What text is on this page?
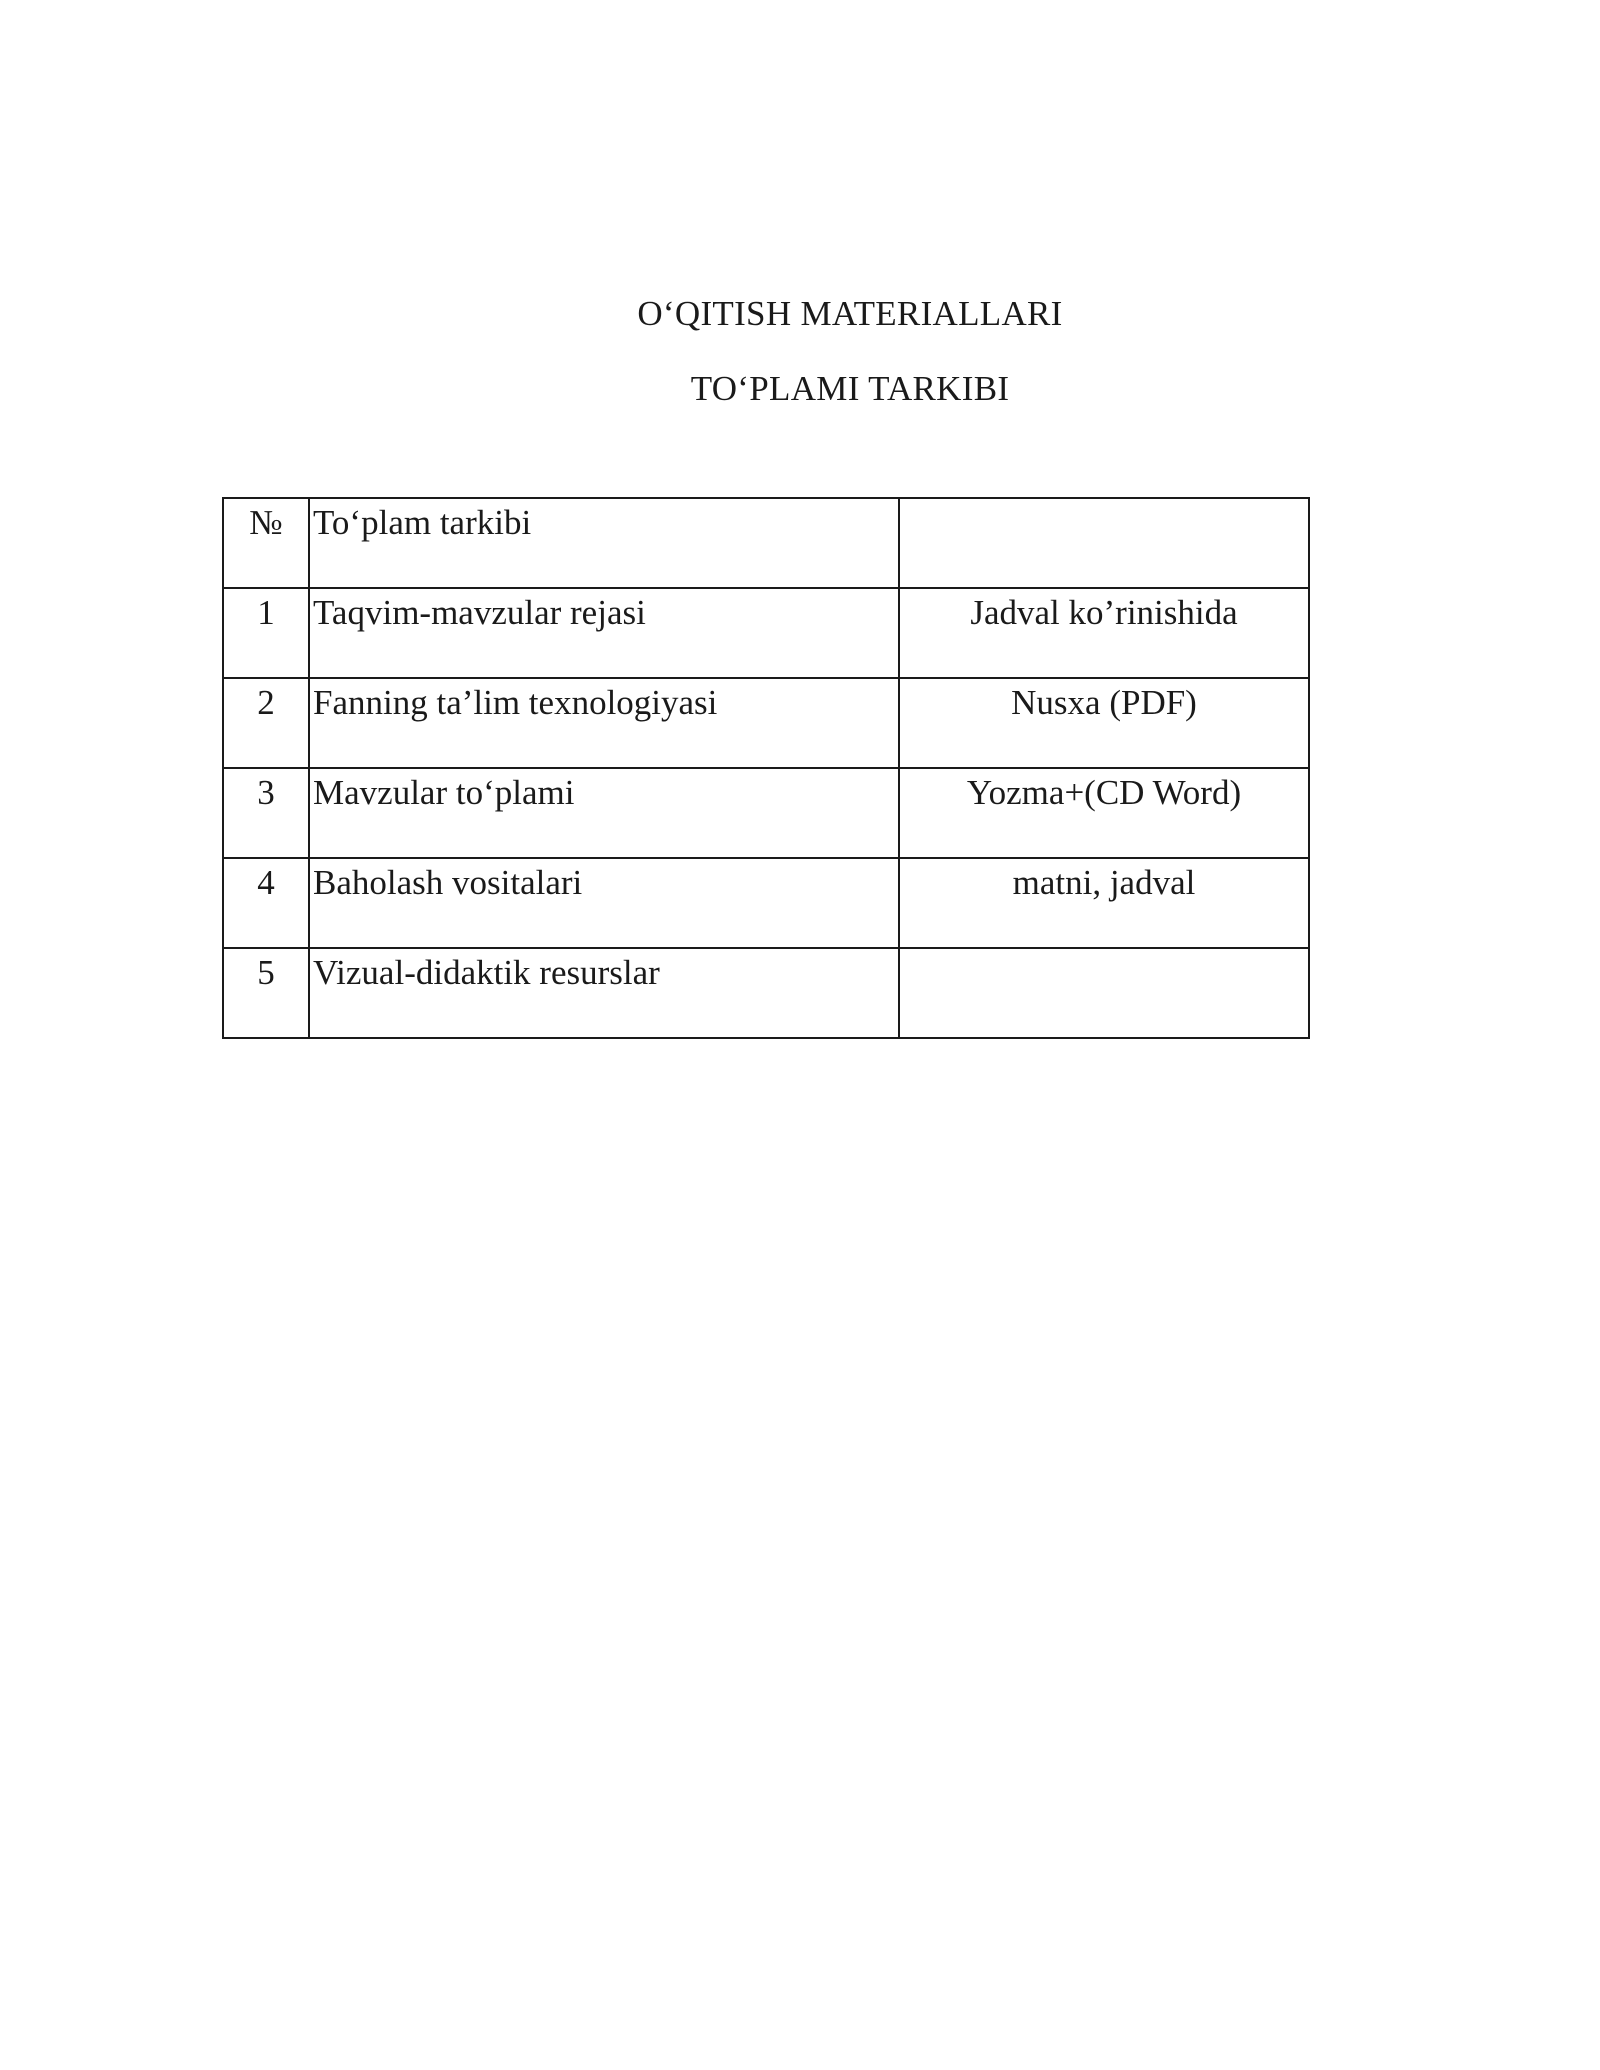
O‘QITISH MATERIALLARI
TO‘PLAMI TARKIBI
№	To‘plam tarkibi	
1	Taqvim-mavzular rejasi	Jadval ko’rinishida
2	Fanning ta’lim texnologiyasi	Nusxa (PDF)
3	Mavzular to‘plami	Yozma+(CD Word)
4	Baholash vositalari	matni, jadval
5	Vizual-didaktik resurslar	
